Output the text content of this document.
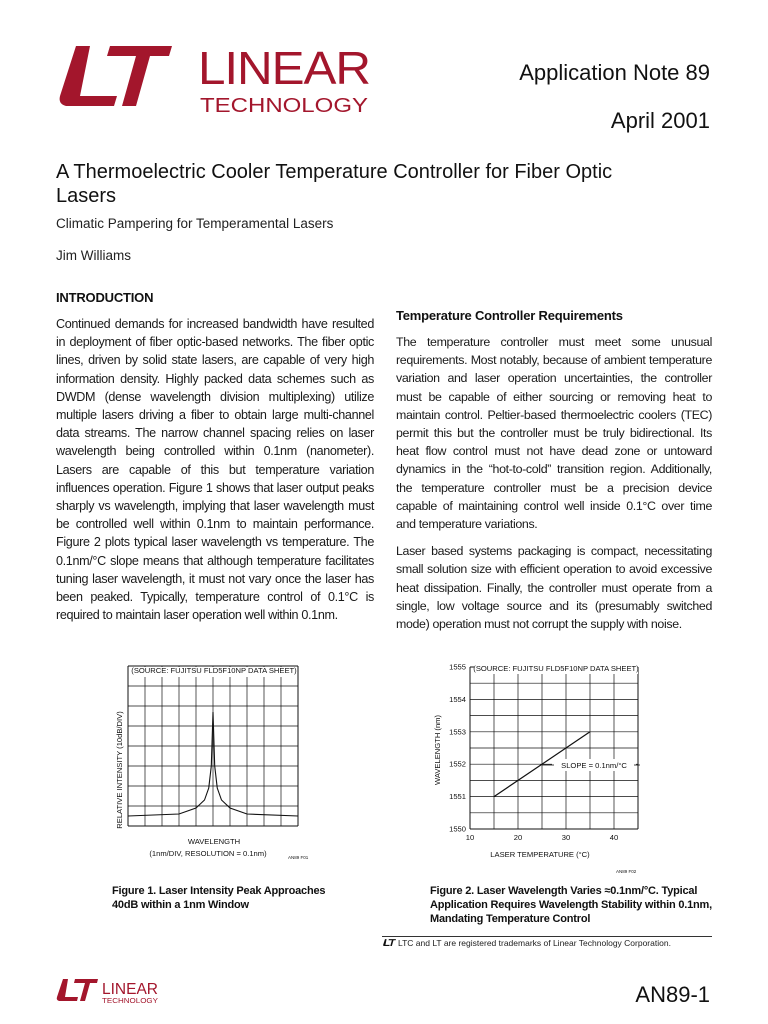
LINEAR
TECHNOLOGY
Application Note 89
April 2001
A Thermoelectric Cooler Temperature Controller for Fiber Optic Lasers
Climatic Pampering for Temperamental Lasers
Jim Williams
INTRODUCTION

Continued demands for increased bandwidth have resulted in deployment of fiber optic-based networks. The fiber optic lines, driven by solid state lasers, are capable of very high information density. Highly packed data schemes such as DWDM (dense wavelength division multiplexing) utilize multiple lasers driving a fiber to obtain large multi-channel data streams. The narrow channel spacing relies on laser wavelength being controlled within 0.1nm (nanometer). Lasers are capable of this but temperature variation influences operation. Figure 1 shows that laser output peaks sharply vs wavelength, implying that laser wavelength must be controlled well within 0.1nm to maintain performance. Figure 2 plots typical laser wavelength vs temperature. The 0.1nm/°C slope means that although temperature facilitates tuning laser wavelength, it must not vary once the laser has been peaked. Typically, temperature control of 0.1°C is required to maintain laser operation well within 0.1nm.

Temperature Controller Requirements

The temperature controller must meet some unusual requirements. Most notably, because of ambient temperature variation and laser operation uncertainties, the controller must be capable of either sourcing or removing heat to maintain control. Peltier-based thermoelectric coolers (TEC) permit this but the controller must be truly bidirectional. Its heat flow control must not have dead zone or untoward dynamics in the “hot-to-cold” transition region. Additionally, the temperature controller must be a precision device capable of maintaining control well inside 0.1°C over time and temperature variations.

Laser based systems packaging is compact, necessitating small solution size with efficient operation to avoid excessive heat dissipation. Finally, the controller must operate from a single, low voltage source and its (presumably switched mode) operation must not corrupt the supply with noise.

(SOURCE: FUJITSU FLD5F10NP DATA SHEET)
RELATIVE INTENSITY (10dB/DIV)
WAVELENGTH
(1nm/DIV, RESOLUTION = 0.1nm)	AN89 F01
1550
1551
1552
1553
1554
1555
10	20	30	40
(SOURCE: FUJITSU FLD5F10NP DATA SHEET)
SLOPE = 0.1nm/°C
WAVELENGTH (nm)
LASER TEMPERATURE (°C)
AN89 F02
Figure 1. Laser Intensity Peak Approaches 40dB within a 1nm Window
Figure 2. Laser Wavelength Varies ≈0.1nm/°C. Typical Application Requires Wavelength Stability within 0.1nm, Mandating Temperature Control
LTC and LT are registered trademarks of Linear Technology Corporation.
LINEAR
TECHNOLOGY	AN89-1
